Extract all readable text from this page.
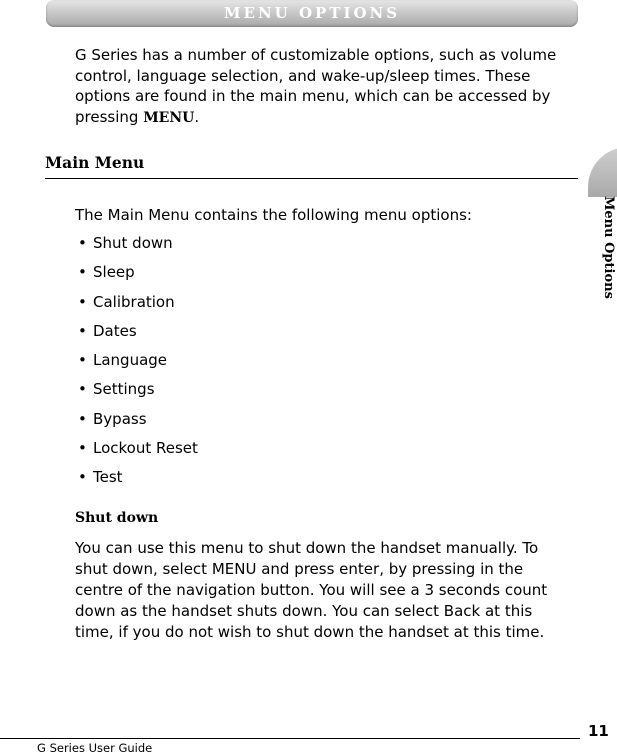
MENU OPTIONS

G Series has a number of customizable options, such as volume control, language selection, and wake-up/sleep times. These options are found in the main menu, which can be accessed by pressing MENU.

Main Menu
Menu Options
The Main Menu contains the following menu options:
• Shut down
• Sleep
• Calibration
• Dates
• Language
• Settings
• Bypass
• Lockout Reset
• Test
Shut down

You can use this menu to shut down the handset manually. To shut down, select MENU and press enter, by pressing in the centre of the navigation button. You will see a 3 seconds count down as the handset shuts down. You can select Back at this time, if you do not wish to shut down the handset at this time.

11
G Series User Guide
